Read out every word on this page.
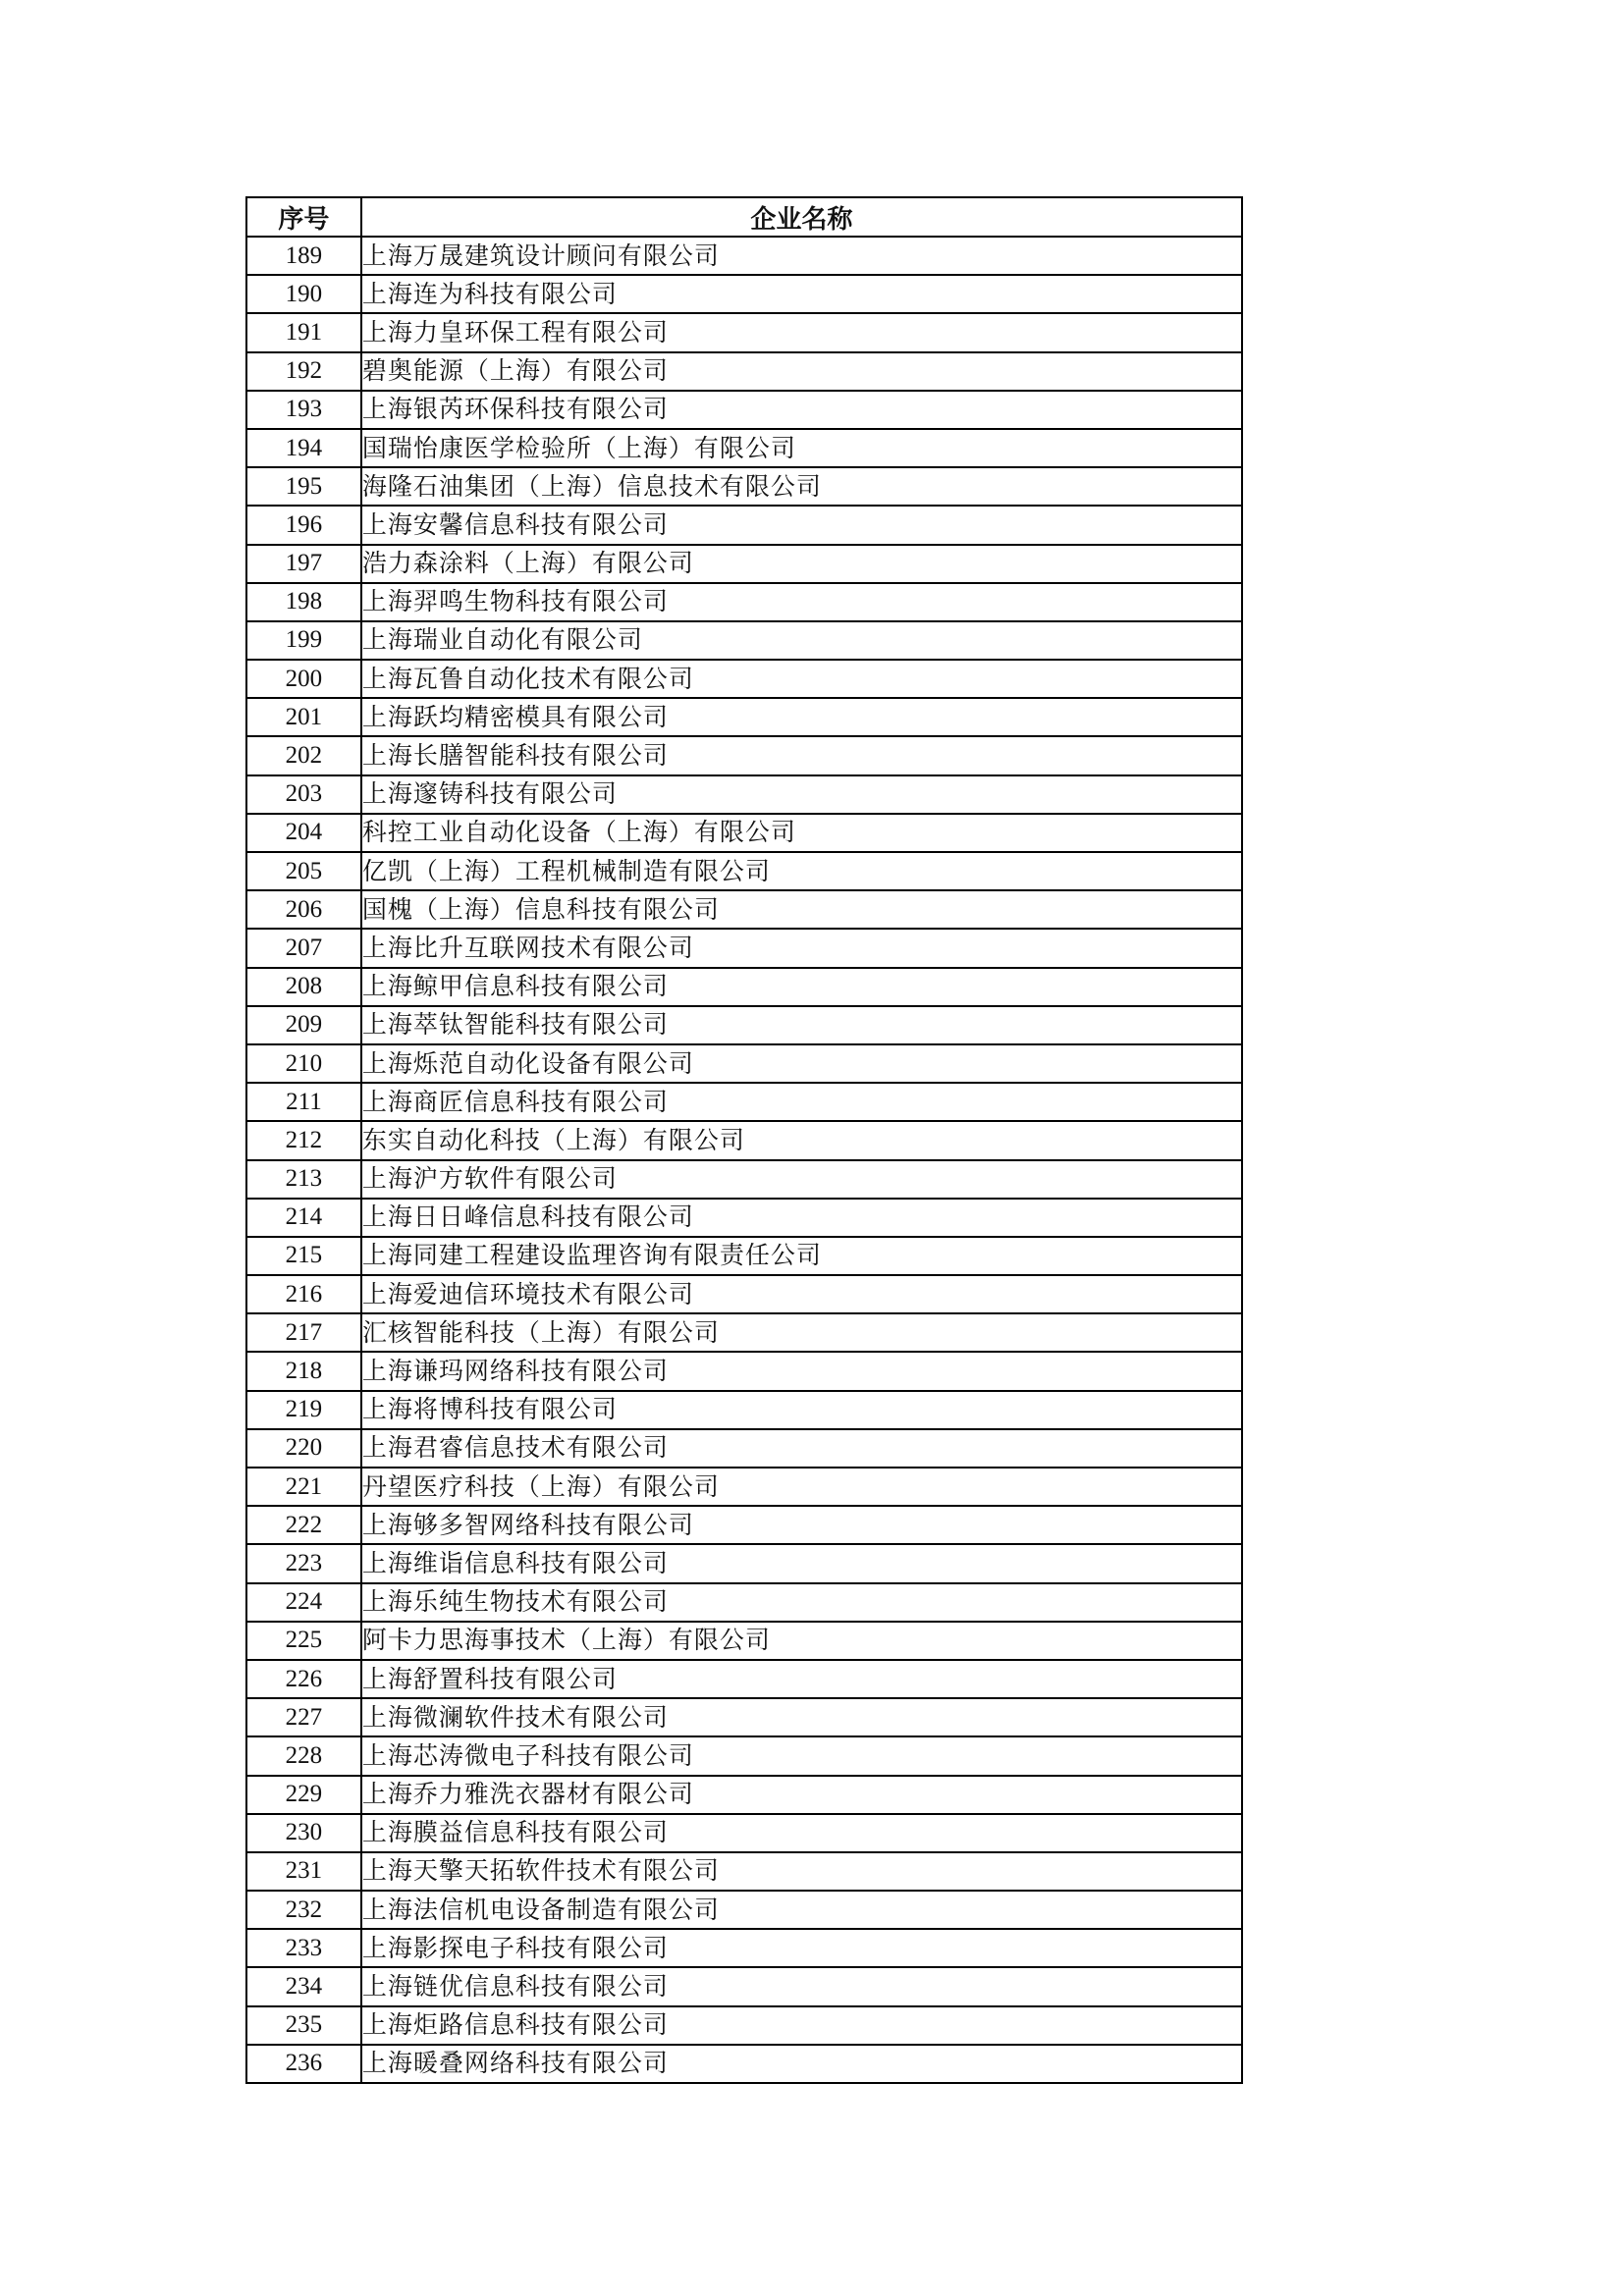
序号	企业名称
189	上海万晟建筑设计顾问有限公司
190	上海连为科技有限公司
191	上海力皇环保工程有限公司
192	碧奥能源（上海）有限公司
193	上海银芮环保科技有限公司
194	国瑞怡康医学检验所（上海）有限公司
195	海隆石油集团（上海）信息技术有限公司
196	上海安馨信息科技有限公司
197	浩力森涂料（上海）有限公司
198	上海羿鸣生物科技有限公司
199	上海瑞业自动化有限公司
200	上海瓦鲁自动化技术有限公司
201	上海跃均精密模具有限公司
202	上海长膳智能科技有限公司
203	上海邃铸科技有限公司
204	科控工业自动化设备（上海）有限公司
205	亿凯（上海）工程机械制造有限公司
206	国槐（上海）信息科技有限公司
207	上海比升互联网技术有限公司
208	上海鲸甲信息科技有限公司
209	上海萃钛智能科技有限公司
210	上海烁范自动化设备有限公司
211	上海商匠信息科技有限公司
212	东实自动化科技（上海）有限公司
213	上海沪方软件有限公司
214	上海日日峰信息科技有限公司
215	上海同建工程建设监理咨询有限责任公司
216	上海爱迪信环境技术有限公司
217	汇核智能科技（上海）有限公司
218	上海谦玛网络科技有限公司
219	上海将博科技有限公司
220	上海君睿信息技术有限公司
221	丹望医疗科技（上海）有限公司
222	上海够多智网络科技有限公司
223	上海维诣信息科技有限公司
224	上海乐纯生物技术有限公司
225	阿卡力思海事技术（上海）有限公司
226	上海舒置科技有限公司
227	上海微澜软件技术有限公司
228	上海芯涛微电子科技有限公司
229	上海乔力雅洗衣器材有限公司
230	上海膜益信息科技有限公司
231	上海天擎天拓软件技术有限公司
232	上海法信机电设备制造有限公司
233	上海影探电子科技有限公司
234	上海链优信息科技有限公司
235	上海炬路信息科技有限公司
236	上海暖叠网络科技有限公司
